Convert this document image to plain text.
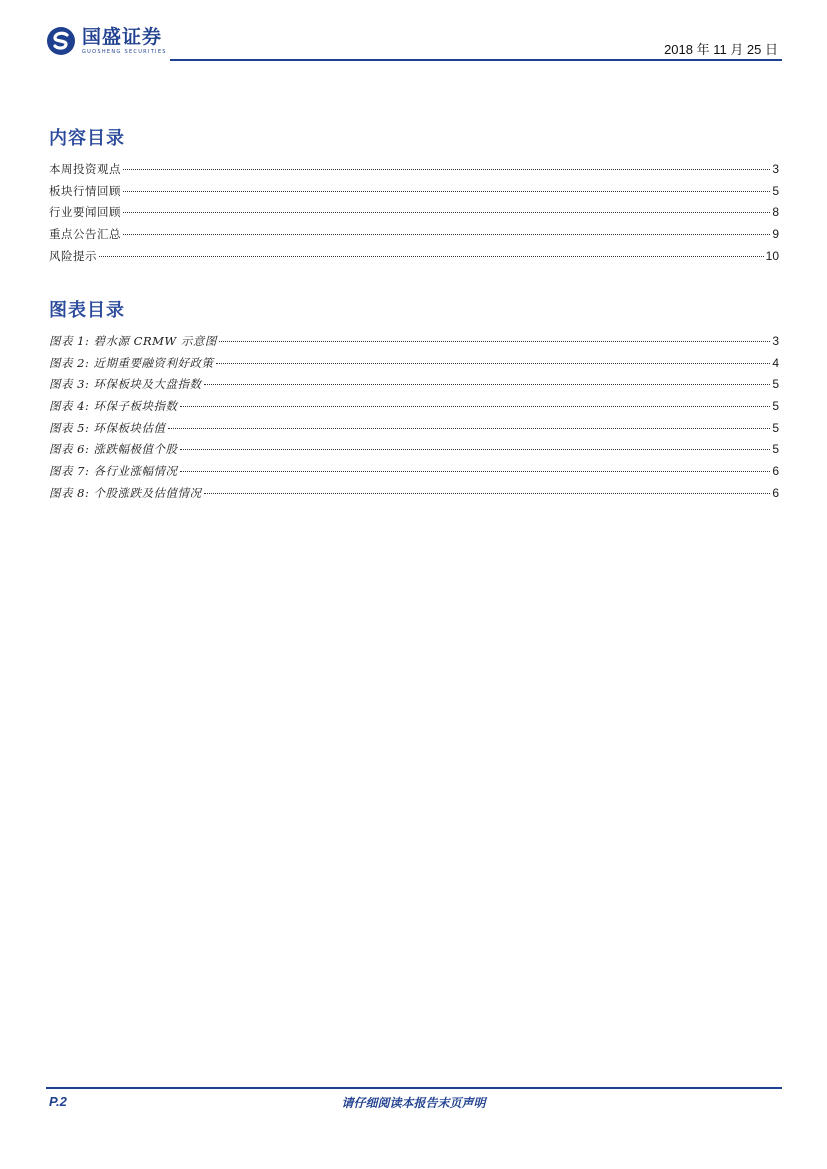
国盛证券
GUOSHENG SECURITIES	2018 年 11 月 25 日
内容目录
本周投资观点	3
板块行情回顾	5
行业要闻回顾	8
重点公告汇总	9
风险提示	10
图表目录
图表 1: 碧水源 CRMW 示意图	3
图表 2: 近期重要融资利好政策	4
图表 3: 环保板块及大盘指数	5
图表 4: 环保子板块指数	5
图表 5: 环保板块估值	5
图表 6: 涨跌幅极值个股	5
图表 7: 各行业涨幅情况	6
图表 8: 个股涨跌及估值情况	6
P.2	请仔细阅读本报告末页声明
